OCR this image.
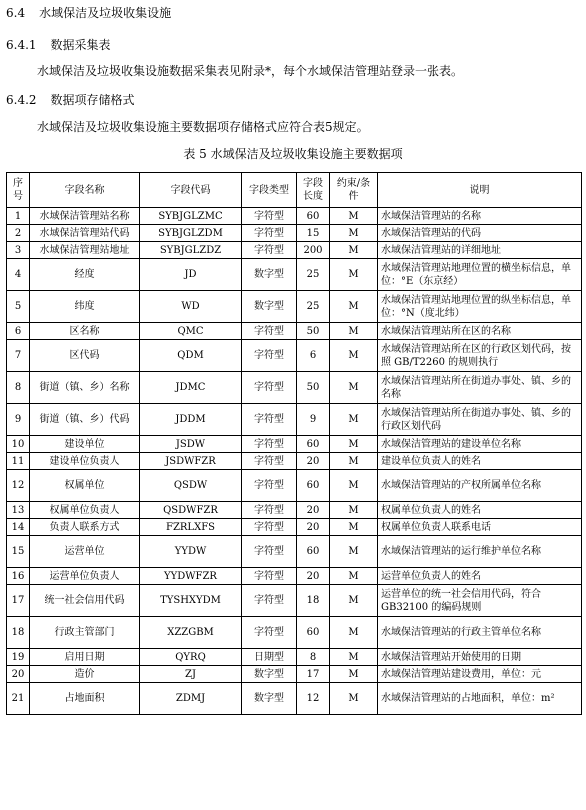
6.4 水域保洁及垃圾收集设施
6.4.1 数据采集表
水域保洁及垃圾收集设施数据采集表见附录*，每个水域保洁管理站登录一张表。
6.4.2 数据项存储格式
水域保洁及垃圾收集设施主要数据项存储格式应符合表5规定。
表 5 水域保洁及垃圾收集设施主要数据项
序号	字段名称	字段代码	字段类型	字段长度	约束/条件	说明
1	水域保洁管理站名称	SYBJGLZMC	字符型	60	M	水域保洁管理站的名称
2	水域保洁管理站代码	SYBJGLZDM	字符型	15	M	水域保洁管理站的代码
3	水域保洁管理站地址	SYBJGLZDZ	字符型	200	M	水域保洁管理站的详细地址
4	经度	JD	数字型	25	M	水域保洁管理站地理位置的横坐标信息，单位：°E（东京经）
5	纬度	WD	数字型	25	M	水域保洁管理站地理位置的纵坐标信息，单位：°N（度北纬）
6	区名称	QMC	字符型	50	M	水域保洁管理站所在区的名称
7	区代码	QDM	字符型	6	M	水域保洁管理站所在区的行政区划代码，按照 GB/T2260 的规则执行
8	街道（镇、乡）名称	JDMC	字符型	50	M	水域保洁管理站所在街道办事处、镇、乡的名称
9	街道（镇、乡）代码	JDDM	字符型	9	M	水域保洁管理站所在街道办事处、镇、乡的行政区划代码
10	建设单位	JSDW	字符型	60	M	水域保洁管理站的建设单位名称
11	建设单位负责人	JSDWFZR	字符型	20	M	建设单位负责人的姓名
12	权属单位	QSDW	字符型	60	M	水域保洁管理站的产权所属单位名称
13	权属单位负责人	QSDWFZR	字符型	20	M	权属单位负责人的姓名
14	负责人联系方式	FZRLXFS	字符型	20	M	权属单位负责人联系电话
15	运营单位	YYDW	字符型	60	M	水域保洁管理站的运行维护单位名称
16	运营单位负责人	YYDWFZR	字符型	20	M	运营单位负责人的姓名
17	统一社会信用代码	TYSHXYDM	字符型	18	M	运营单位的统一社会信用代码，符合 GB32100 的编码规则
18	行政主管部门	XZZGBM	字符型	60	M	水域保洁管理站的行政主管单位名称
19	启用日期	QYRQ	日期型	8	M	水域保洁管理站开始使用的日期
20	造价	ZJ	数字型	17	M	水域保洁管理站建设费用，单位：元
21	占地面积	ZDMJ	数字型	12	M	水域保洁管理站的占地面积，单位：m²
